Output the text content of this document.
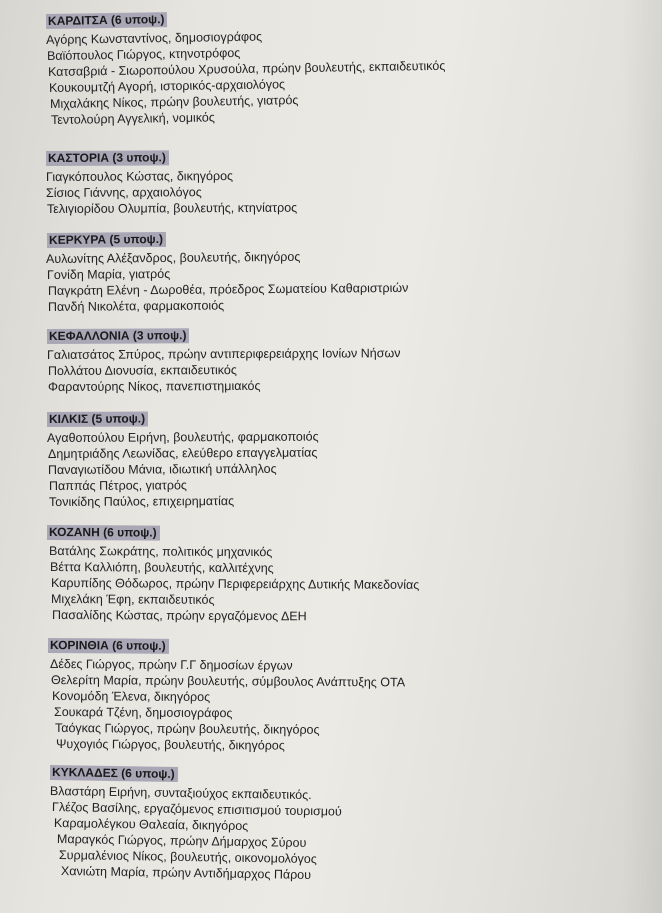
ΚΑΡΔΙΤΣΑ (6 υποψ.)
Αγόρης Κωνσταντίνος, δημοσιογράφος
Βαϊόπουλος Γιώργος, κτηνοτρόφος
Κατσαβριά - Σιωροπούλου Χρυσούλα, πρώην βουλευτής, εκπαιδευτικός
Κουκουμτζή Αγορή, ιστορικός-αρχαιολόγος
Μιχαλάκης Νίκος, πρώην βουλευτής, γιατρός
Τεντολούρη Αγγελική, νομικός
ΚΑΣΤΟΡΙΑ (3 υποψ.)
Γιαγκόπουλος Κώστας, δικηγόρος
Σίσιος Γιάννης, αρχαιολόγος
Τελιγιορίδου Ολυμπία, βουλευτής, κτηνίατρος
ΚΕΡΚΥΡΑ (5 υποψ.)
Αυλωνίτης Αλέξανδρος, βουλευτής, δικηγόρος
Γονίδη Μαρία, γιατρός
Παγκράτη Ελένη - Δωροθέα, πρόεδρος Σωματείου Καθαριστριών
Πανδή Νικολέτα, φαρμακοποιός
ΚΕΦΑΛΛΟΝΙΑ (3 υποψ.)
Γαλιατσάτος Σπύρος, πρώην αντιπεριφερειάρχης Ιονίων Νήσων
Πολλάτου Διονυσία, εκπαιδευτικός
Φαραντούρης Νίκος, πανεπιστημιακός
ΚΙΛΚΙΣ (5 υποψ.)
Αγαθοπούλου Ειρήνη, βουλευτής, φαρμακοποιός
Δημητριάδης Λεωνίδας, ελεύθερο επαγγελματίας
Παναγιωτίδου Μάνια, ιδιωτική υπάλληλος
Παππάς Πέτρος, γιατρός
Τονικίδης Παύλος, επιχειρηματίας
ΚΟΖΑΝΗ (6 υποψ.)
Βατάλης Σωκράτης, πολιτικός μηχανικός
Βέττα Καλλιόπη, βουλευτής, καλλιτέχνης
Καρυπίδης Θόδωρος, πρώην Περιφερειάρχης Δυτικής Μακεδονίας
Μιχελάκη Έφη, εκπαιδευτικός
Πασαλίδης Κώστας, πρώην εργαζόμενος ΔΕΗ
ΚΟΡΙΝΘΙΑ (6 υποψ.)
Δέδες Γιώργος, πρώην Γ.Γ δημοσίων έργων
Θελερίτη Μαρία, πρώην βουλευτής, σύμβουλος Ανάπτυξης ΟΤΑ
Κονομόδη Έλενα, δικηγόρος
Σουκαρά Τζένη, δημοσιογράφος
Ταόγκας Γιώργος, πρώην βουλευτής, δικηγόρος
Ψυχογιός Γιώργος, βουλευτής, δικηγόρος
ΚΥΚΛΑΔΕΣ (6 υποψ.)
Βλαστάρη Ειρήνη, συνταξιούχος εκπαιδευτικός.
Γλέζος Βασίλης, εργαζόμενος επισιτισμού τουρισμού
Καραμολέγκου Θαλεαία, δικηγόρος
Μαραγκός Γιώργος, πρώην Δήμαρχος Σύρου
Συρμαλένιος Νίκος, βουλευτής, οικονομολόγος
Χανιώτη Μαρία, πρώην Αντιδήμαρχος Πάρου
